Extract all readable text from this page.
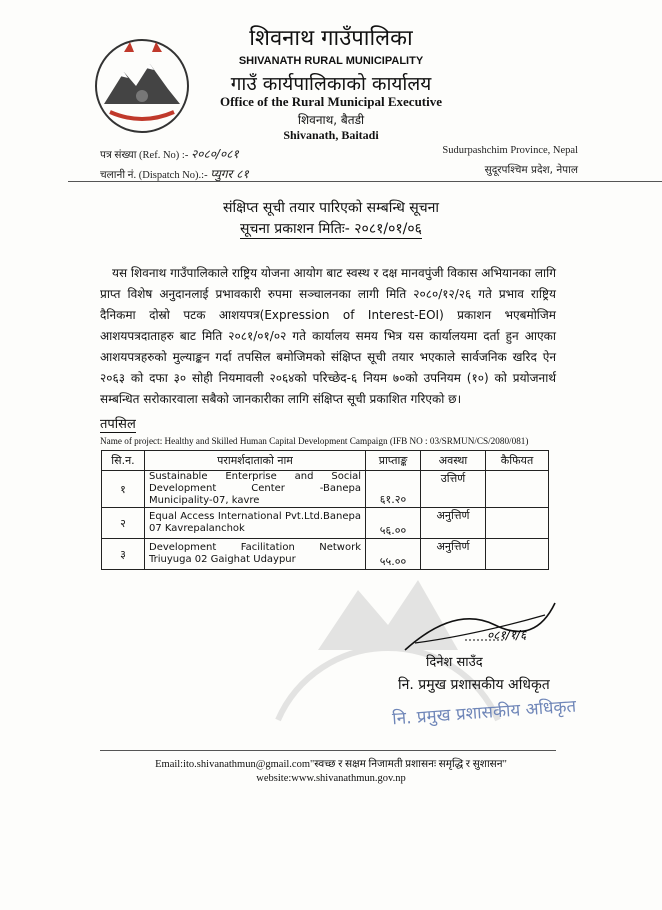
शिवनाथ गाउँपालिका
SHIVANATH RURAL MUNICIPALITY
गाउँ कार्यपालिकाको कार्यालय
Office of the Rural Municipal Executive
शिवनाथ, बैतडी
Shivanath, Baitadi
पत्र संख्या (Ref. No) :- २०८०/०८१
चलानी नं. (Dispatch No).:- प्युगर ८१
Sudurpashchim Province, Nepal
सुदूरपश्चिम प्रदेश, नेपाल
संक्षिप्त सूची तयार पारिएको सम्बन्धि सूचना
सूचना प्रकाशन मितिः- २०८१/०१/०६
यस शिवनाथ गाउँपालिकाले राष्ट्रिय योजना आयोग बाट स्वस्थ र दक्ष मानवपुंजी विकास अभियानका लागि प्राप्त विशेष अनुदानलाई प्रभावकारी रुपमा सञ्चालनका लागी मिति २०८०/१२/२६ गते प्रभाव राष्ट्रिय दैनिकमा दोस्रो पटक आशयपत्र(Expression of Interest-EOI) प्रकाशन भएबमोजिम आशयपत्रदाताहरु बाट मिति २०८१/०१/०२ गते कार्यालय समय भित्र यस कार्यालयमा दर्ता हुन आएका आशयपत्रहरुको मुल्याङ्कन गर्दा तपसिल बमोजिमको संक्षिप्त सूची तयार भएकाले सार्वजनिक खरिद ऐन २०६३ को दफा ३० सोही नियमावली २०६४को परिच्छेद-६ नियम ७०को उपनियम (१०) को प्रयोजनार्थ सम्बन्धित सरोकारवाला सबैको जानकारीका लागि संक्षिप्त सूची प्रकाशित गरिएको छ।
तपसिल
Name of project: Healthy and Skilled Human Capital Development Campaign (IFB NO : 03/SRMUN/CS/2080/081)
सि.न.	परामर्शदाताको नाम	प्राप्ताङ्क	अवस्था	कैफियत
१	Sustainable Enterprise and Social Development Center -Banepa Municipality-07, kavre	६१.२०	उत्तिर्ण	
२	Equal Access International Pvt.Ltd.Banepa 07 Kavrepalanchok	५६.००	अनुत्तिर्ण	
३	Development Facilitation Network Triuyuga 02 Gaighat Udaypur	५५.००	अनुत्तिर्ण	
०८१/१/६
दिनेश साउँद
नि. प्रमुख प्रशासकीय अधिकृत
नि. प्रमुख प्रशासकीय अधिकृत
Email:ito.shivanathmun@gmail.com"स्वच्छ र सक्षम निजामती प्रशासनः समृद्धि र सुशासन"
website:www.shivanathmun.gov.np
